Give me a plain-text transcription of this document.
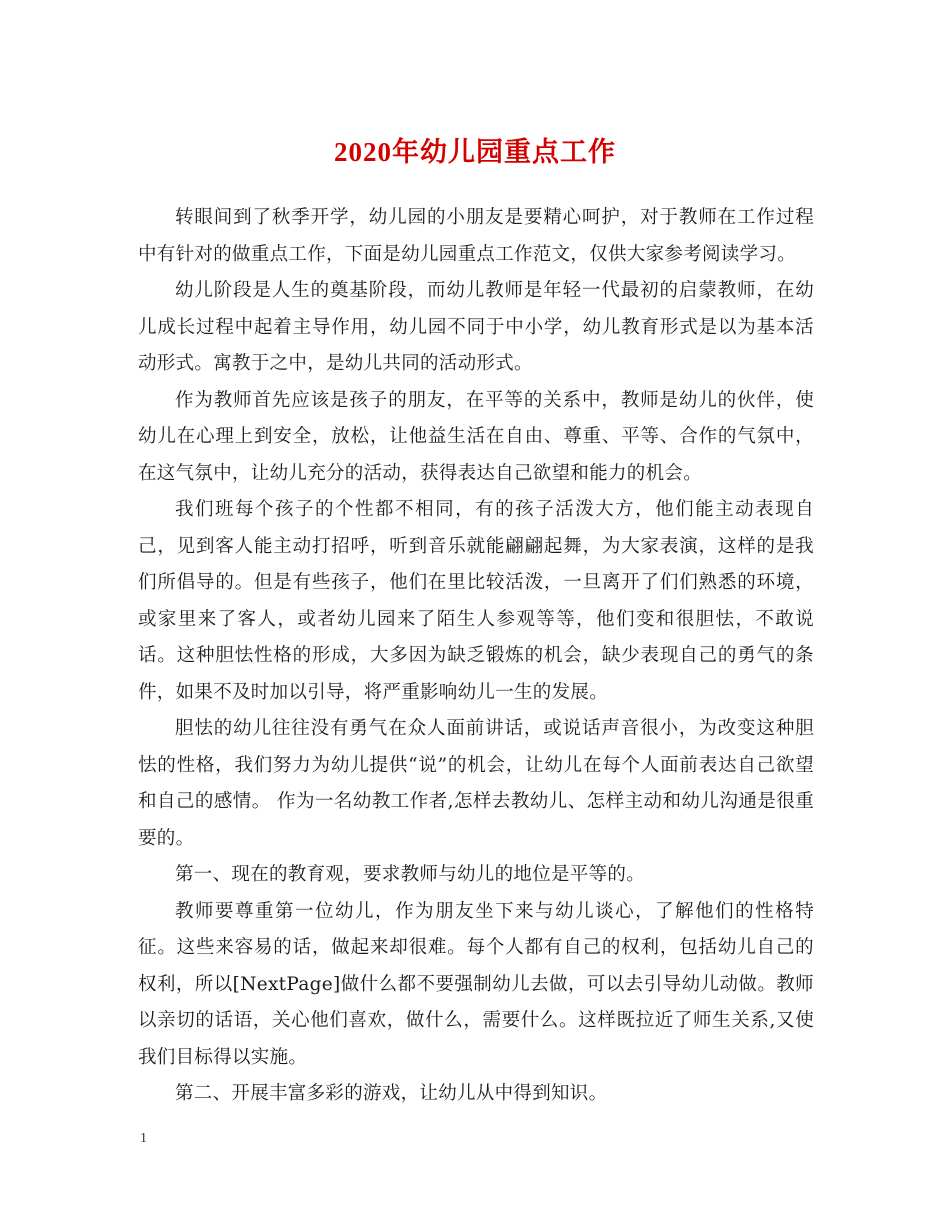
2020年幼儿园重点工作

转眼间到了秋季开学，幼儿园的小朋友是要精心呵护，对于教师在工作过程中有针对的做重点工作，下面是幼儿园重点工作范文，仅供大家参考阅读学习。

幼儿阶段是人生的奠基阶段，而幼儿教师是年轻一代最初的启蒙教师，在幼儿成长过程中起着主导作用，幼儿园不同于中小学，幼儿教育形式是以为基本活动形式。寓教于之中，是幼儿共同的活动形式。

作为教师首先应该是孩子的朋友，在平等的关系中，教师是幼儿的伙伴，使幼儿在心理上到安全，放松，让他益生活在自由、尊重、平等、合作的气氛中，在这气氛中，让幼儿充分的活动，获得表达自己欲望和能力的机会。

我们班每个孩子的个性都不相同，有的孩子活泼大方，他们能主动表现自己，见到客人能主动打招呼，听到音乐就能翩翩起舞，为大家表演，这样的是我们所倡导的。但是有些孩子，他们在里比较活泼，一旦离开了们们熟悉的环境，或家里来了客人，或者幼儿园来了陌生人参观等等，他们变和很胆怯，不敢说话。这种胆怯性格的形成，大多因为缺乏锻炼的机会，缺少表现自己的勇气的条件，如果不及时加以引导，将严重影响幼儿一生的发展。

胆怯的幼儿往往没有勇气在众人面前讲话，或说话声音很小，为改变这种胆怯的性格，我们努力为幼儿提供“说”的机会，让幼儿在每个人面前表达自己欲望和自己的感情。 作为一名幼教工作者,怎样去教幼儿、怎样主动和幼儿沟通是很重要的。

第一、现在的教育观，要求教师与幼儿的地位是平等的。

教师要尊重第一位幼儿，作为朋友坐下来与幼儿谈心，了解他们的性格特征。这些来容易的话，做起来却很难。每个人都有自己的权利，包括幼儿自己的权利，所以[NextPage]做什么都不要强制幼儿去做，可以去引导幼儿动做。教师以亲切的话语，关心他们喜欢，做什么，需要什么。这样既拉近了师生关系,又使我们目标得以实施。

第二、开展丰富多彩的游戏，让幼儿从中得到知识。

1
